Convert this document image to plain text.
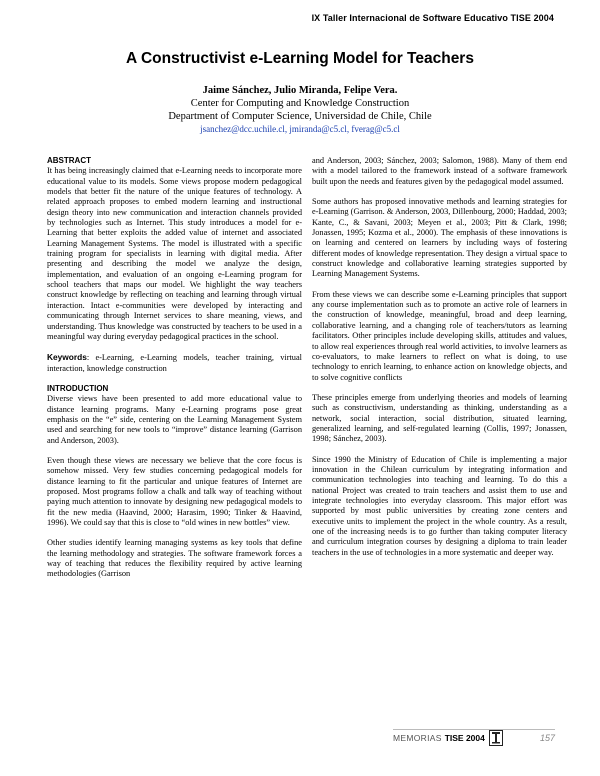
IX Taller Internacional de Software Educativo TISE 2004
A Constructivist e-Learning Model for Teachers
Jaime Sánchez, Julio Miranda, Felipe Vera.
Center for Computing and Knowledge Construction
Department of Computer Science, Universidad de Chile, Chile
jsanchez@dcc.uchile.cl, jmiranda@c5.cl, fverag@c5.cl
ABSTRACT

It has being increasingly claimed that e-Learning needs to incorporate more educational value to its models. Some views propose modern pedagogical models that better fit the nature of the unique features of technology. A related approach proposes to embed modern learning and instructional design theory into new communication and interaction channels provided by technologies such as Internet. This study introduces a model for e-Learning that better exploits the added value of internet and associated Learning Management Systems. The model is illustrated with a specific training program for specialists in learning with digital media. After presenting and describing the model we analyze the design, implementation, and evaluation of an ongoing e-Learning program for school teachers that maps our model. We highlight the way teachers construct knowledge by reflecting on teaching and learning through virtual interaction. Intact e-communities were developed by interacting and communicating through Internet services to share meaning, views, and understanding. Thus knowledge was constructed by teachers to be used in a meaningful way during everyday pedagogical practices in the school.

Keywords: e-Learning, e-Learning models, teacher training, virtual interaction, knowledge construction

INTRODUCTION

Diverse views have been presented to add more educational value to distance learning programs. Many e-Learning programs pose great emphasis on the “e” side, centering on the Learning Management System used and searching for new tools to “improve” distance learning (Garrison and Anderson, 2003).

Even though these views are necessary we believe that the core focus is somehow missed. Very few studies concerning pedagogical models for distance learning to fit the particular and unique features of Internet are proposed. Most programs follow a chalk and talk way of teaching without paying much attention to innovate by designing new pedagogical models to fit the new media (Haavind, 2000; Harasim, 1990; Tinker & Haavind, 1996). We could say that this is close to “old wines in new bottles” view.

Other studies identify learning managing systems as key tools that define the learning methodology and strategies. The software framework forces a way of teaching that reduces the flexibility required by active learning methodologies (Garrison

and Anderson, 2003; Sánchez, 2003; Salomon, 1988). Many of them end with a model tailored to the framework instead of a software framework built upon the needs and features given by the pedagogical model assumed.

Some authors has proposed innovative methods and learning strategies for e-Learning (Garrison. & Anderson, 2003, Dillenbourg, 2000; Haddad, 2003; Kante, C., & Savani, 2003; Meyen et al., 2003; Pitt & Clark, 1998; Jonassen, 1995; Kozma et al., 2000). The emphasis of these innovations is on learning and centered on learners by including ways of fostering different modes of knowledge representation. They design a virtual space to construct knowledge and collaborative learning strategies supported by Learning Management Systems.

From these views we can describe some e-Learning principles that support any course implementation such as to promote an active role of learners in the construction of knowledge, meaningful, broad and deep learning, collaborative learning, and a changing role of teachers/tutors as learning facilitators. Other principles include developing skills, attitudes and values, to allow real experiences through real world activities, to involve learners as co-evaluators, to make learners to reflect on what is doing, to use technology to enrich learning, to enhance action on knowledge objects, and to solve cognitive conflicts

These principles emerge from underlying theories and models of learning such as constructivism, understanding as thinking, understanding as a network, social interaction, social distribution, situated learning, generalized learning, and self-regulated learning (Collis, 1997; Jonassen, 1998; Sánchez, 2003).

Since 1990 the Ministry of Education of Chile is implementing a major innovation in the Chilean curriculum by integrating information and communication technologies into teaching and learning. To do this a national Project was created to train teachers and assist them to use and integrate technologies into everyday classroom. This major effort was supported by most public universities by creating zone centers and executive units to implement the project in the whole country. As a result, one of the increasing needs is to go further than taking computer literacy and curriculum integration courses by designing a diploma to train leader teachers in the use of technologies in a more systematic and deeper way.

MEMORIAS TISE 2004	157
